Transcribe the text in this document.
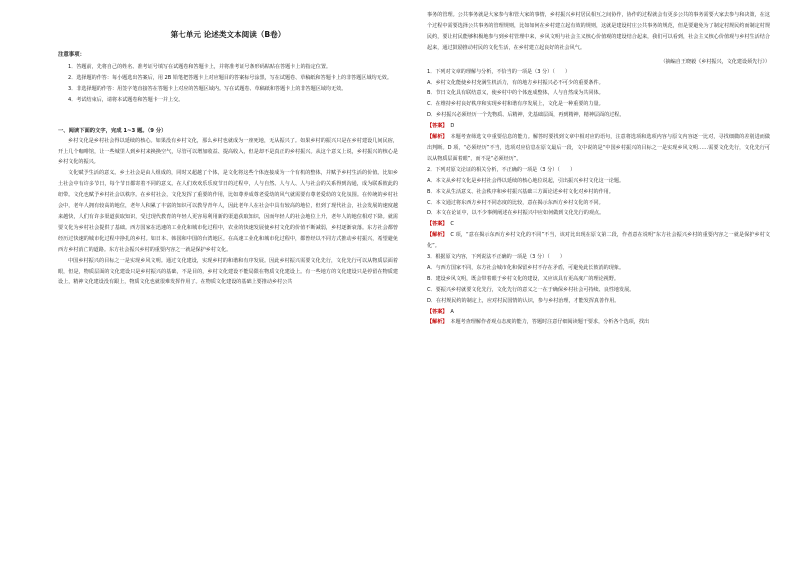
第七单元 论述类文本阅读（B卷）
注意事项：

1．答题前，先将自己的姓名、准考证号填写在试题卷和答题卡上，并将准考证号条形码粘贴在答题卡上的指定位置。

2．选择题的作答：每小题选出答案后，用 2B 铅笔把答题卡上对应题目的答案标号涂黑，写在试题卷、草稿纸和答题卡上的非答题区域均无效。

3．非选择题的作答：用签字笔直接答在答题卡上对应的答题区域内。写在试题卷、草稿纸和答题卡上的非答题区域均无效。

4．考试结束后，请将本试题卷和答题卡一并上交。

一、阅读下面的文字，完成 1~3 题。（9 分）

乡村文化是乡村社会得以延续的核心。如果没有乡村文化，那么乡村也就成为一座死地，无从振兴了。如果乡村的振兴只是在乡村建设几间民宿，开上几个咖啡馆，让一些城里人到乡村来换换空气，尽管可以增加收益、提高收入，但是却不是真正的乡村振兴。从这个意义上说，乡村振兴的核心是乡村文化的振兴。

文化赋予生活的意义。乡土社会是由人组成的，同时又超越了个体，是文化将这些个体连接成为一个有机的整体，并赋予乡村生活的价值。比如乡土社会中有许多节日，每个节日都寄着不同的意义。在人们欢欢乐乐度节日的过程中，人与自然、人与人、人与社会的关系得到沟通，成为联系彼此的纽带。文化也赋予乡村社会以秩序。在乡村社会，文化发挥了重要的作用，比如尊养成尊老爱幼的风气就需要有尊老爱幼的文化氛围。在传统的乡村社会中，老年人拥有较高的地位，老年人积累了丰富的知识可以教导青年人，因此老年人在社会中具有较高的地位，但到了现代社会，社会发展的速度越来越快，人们有许多渠道获取知识，受过现代教育的年轻人更容易利用新的渠道获取知识，因而年轻人的社会地位上升，老年人的地位相对下降。就需要文化为乡村社会提供了基础。西方国家在迅速的工业化和城市化过程中，农业的快速发展使乡村文化的价值不断减弱，乡村逐渐衰落。东方社会都曾经历过快速的城市化过程中挣扎的乡村。如日本、韩国和中国的台湾地区。在高速工业化和城市化过程中，都曾经以不同方式推动乡村振兴，希望避免西方乡村消亡的道路。东方社会振兴乡村的重要内容之一就是保护乡村文化。

中国乡村振兴的目标之一是实现乡风文明。通过文化建设，实现乡村的和谐和有序发展。因此乡村振兴需要文化先行，文化先行可以从物质层面着眼，但是，物质层面的文化建设只是乡村振兴的基础，不是目的，乡村文化建设不能局限在物质文化建设上。有一些地方的文化建设只是停留在物质建设上，精神文化建设没有跟上，物质文化也就很难发挥作用了。在物质文化建设的基础上要推动乡村公共

事务的管理。公共事务就是大家参与和管大家的事情，乡村振兴乡村居民相互之间协作，协作的过程就会有更多公共的事务需要大家去参与和决策，在这个过程中需要选择公共事务的管理规则，比如如何在乡村建立起有效的规则，这就是建设村庄公共事务的规范，但是要避免为了制定村规民约而制定村规民约，要让村民能够积极地参与到乡村管理中来，乡风文明与社会主义核心价值观的建设结合起来，我们可以看到，社会主义核心价值观与乡村生活结合起来，通过鼓励推动村民的文化生活，在乡村建立起良好的社会风气。

（摘编自王晓毅《乡村振兴，文化建设须先行》）

1．下列对文章的理解与分析，不恰当的一项是（3 分）（　　）

A．乡村文化能使乡村充满生机活力，有的地方乡村振兴必不可少的重要条件。
B．节日文化具有联结意义，使乡村中的个体连成整体，人与自然成为共同体。
C．在维持乡村良好秩序和实现乡村和谐有序发展上，文化是一种重要的力量。
D．乡村振兴必须经历一个先物质、后精神，先基础层面，再到精神，精神层面的过程。
【答案】 D

【解析】 本题考查筛选文中重要信息的能力。解答时要找到文章中相对应的语句，注意将选项和选项内容与原文内容逐一比对，寻找细微的差别进而做出判断。D 项，“必须经历”不当，选项对应信息在原文最后一段，文中说的是“中国乡村振兴的目标之一是实现乡风文明……需要文化先行，文化先行可以从物质层面着眼”，而不是“必须经历”。

2．下列对原文论证的相关分析，不正确的一项是（3 分）（　　）

A．本文从乡村文化是乡村社会得以延续的核心地位说起，引出振兴乡村文化这一论题。
B．本文从生活意义、社会秩序和乡村振兴基础三方面论述乡村文化对乡村的作用。
C．本文通过将东西方乡村不同态度的比较，意在揭示东西方乡村文化的不同。
D．本文在论证中，以不少事例阐述在乡村振兴中应如何做到文化先行的观点。
【答案】 C

【解析】 C 项，“意在揭示东西方乡村文化的不同”不当，该对比出现在原文第二段，作者意在说明“东方社会振兴乡村的重要内容之一就是保护乡村文化”。

3．根据原文内容，下列说法不正确的一项是（3 分）（　　）

A．与西方国家不同，东方社会城市化和保留乡村不存在矛盾，可避免此长彼消的现象。
B．建设乡风文明，既会带着眼于乡村文化的建设，又应该具有更高度广的理论视野。
C．要振兴乡村就要文化先行，文化先行的意义之一在于确保乡村社会可持续、良性地发展。
D．在村规民约的制定上，应对村民国情的认识，参与乡村治理，才能发挥真善作用。
【答案】 A

【解析】 本题考查理解作者观点态度的能力，答题时注意仔细阅读题干要求，分析各个选项，找出
